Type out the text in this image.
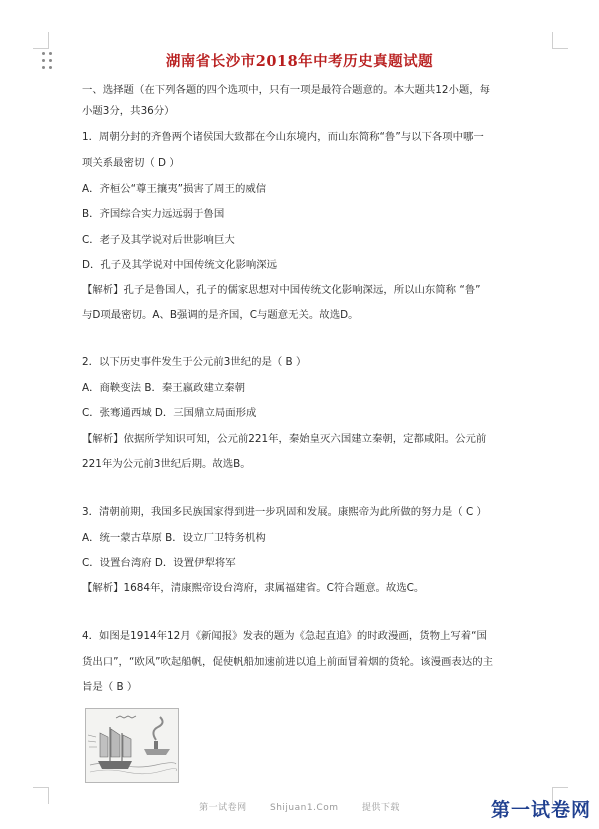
湖南省长沙市2018年中考历史真题试题
一、选择题（在下列各题的四个选项中，只有一项是最符合题意的。本大题共12小题，每
小题3分，共36分）
1．周朝分封的齐鲁两个诸侯国大致都在今山东境内，而山东简称“鲁”与以下各项中哪一
项关系最密切（ D ）
A．齐桓公“尊王攘夷”损害了周王的威信
B．齐国综合实力远远弱于鲁国
C．老子及其学说对后世影响巨大
D．孔子及其学说对中国传统文化影响深远
【解析】孔子是鲁国人，孔子的儒家思想对中国传统文化影响深远，所以山东简称 “鲁”
与D项最密切。A、B强调的是齐国，C与题意无关。故选D。
2．以下历史事件发生于公元前3世纪的是（ B ）
A．商鞅变法 B．秦王嬴政建立秦朝
C．张骞通西域 D．三国鼎立局面形成
【解析】依据所学知识可知，公元前221年，秦始皇灭六国建立秦朝，定都咸阳。公元前
221年为公元前3世纪后期。故选B。
3．清朝前期，我国多民族国家得到进一步巩固和发展。康熙帝为此所做的努力是（ C ）
A．统一蒙古草原 B．设立厂卫特务机构
C．设置台湾府 D．设置伊犁将军
【解析】1684年，清康熙帝设台湾府，隶属福建省。C符合题意。故选C。
4．如图是1914年12月《新闻报》发表的题为《急起直追》的时政漫画，货物上写着“国
货出口”，“欧风”吹起船帆，促使帆船加速前进以追上前面冒着烟的货轮。该漫画表达的主
旨是（ B ）
第一试卷网	Shijuan1.Com	提供下载	第一试卷网
